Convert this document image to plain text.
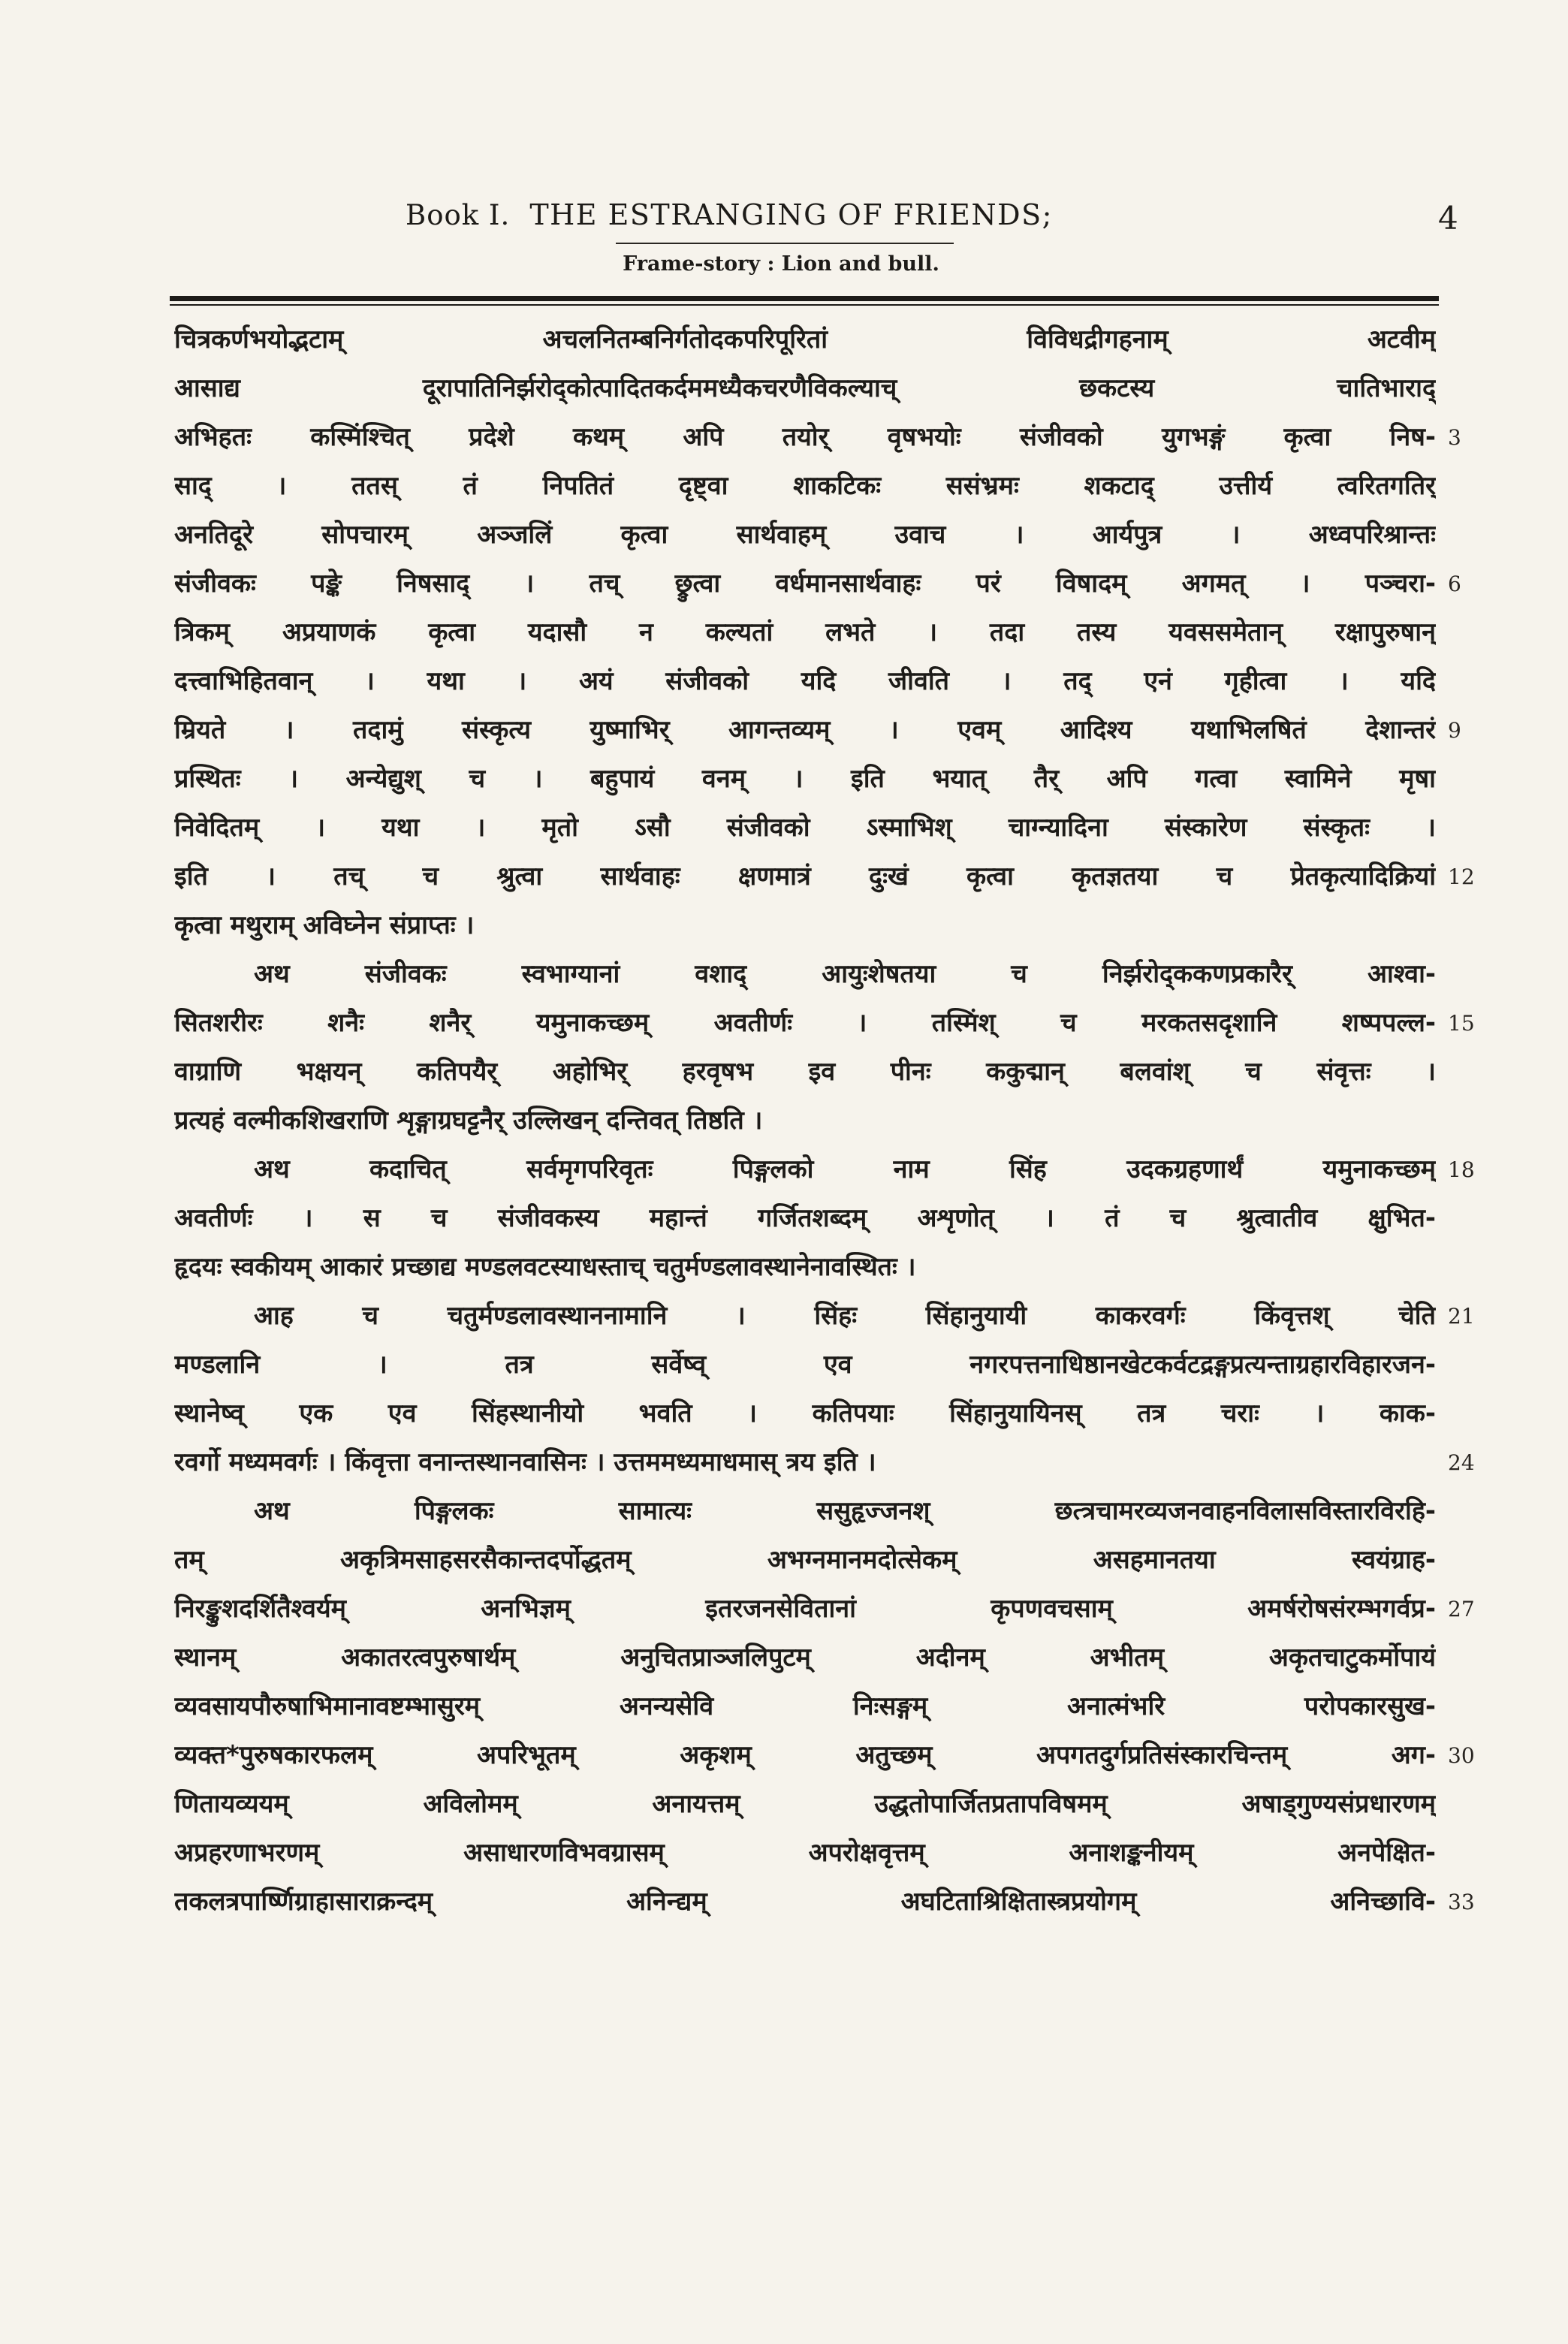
Book I. THE ESTRANGING OF FRIENDS;	4
Frame-story : Lion and bull.
चित्रकर्णभयोद्भटाम् अचलनितम्बनिर्गतोदकपरिपूरितां विविधद्रीगहनाम् अटवीम्
आसाद्य दूरापातिनिर्झरोद्कोत्पादितकर्दममध्यैकचरणैविकल्याच् छकटस्य चातिभाराद्
अभिहतः कस्मिंश्चित् प्रदेशे कथम् अपि तयोर् वृषभयोः संजीवको युगभङ्गं कृत्वा निष-
साद् । ततस् तं निपतितं दृष्ट्वा शाकटिकः ससंभ्रमः शकटाद् उत्तीर्य त्वरितगतिर्
अनतिदूरे सोपचारम् अञ्जलिं कृत्वा सार्थवाहम् उवाच । आर्यपुत्र । अध्वपरिश्रान्तः
संजीवकः पङ्के निषसाद् । तच् छ्रुत्वा वर्धमानसार्थवाहः परं विषादम् अगमत् । पञ्चरा-
त्रिकम् अप्रयाणकं कृत्वा यदासौ न कल्यतां लभते । तदा तस्य यवससमेतान् रक्षापुरुषान्
दत्त्वाभिहितवान् । यथा । अयं संजीवको यदि जीवति । तद् एनं गृहीत्वा । यदि
म्रियते । तदामुं संस्कृत्य युष्माभिर् आगन्तव्यम् । एवम् आदिश्य यथाभिलषितं देशान्तरं
प्रस्थितः । अन्येद्युश् च । बहुपायं वनम् । इति भयात् तैर् अपि गत्वा स्वामिने मृषा
निवेदितम् । यथा । मृतो ऽसौ संजीवको ऽस्माभिश् चाग्न्यादिना संस्कारेण संस्कृतः ।
इति । तच् च श्रुत्वा सार्थवाहः क्षणमात्रं दुःखं कृत्वा कृतज्ञतया च प्रेतकृत्यादिक्रियां
कृत्वा मथुराम् अविघ्नेन संप्राप्तः ।
अथ संजीवकः स्वभाग्यानां वशाद् आयुःशेषतया च निर्झरोद्ककणप्रकारैर् आश्वा-
सितशरीरः शनैः शनैर् यमुनाकच्छम् अवतीर्णः । तस्मिंश् च मरकतसदृशानि शष्पपल्ल-
वाग्राणि भक्षयन् कतिपयैर् अहोभिर् हरवृषभ इव पीनः ककुद्मान् बलवांश् च संवृत्तः ।
प्रत्यहं वल्मीकशिखराणि शृङ्गाग्रघट्टनैर् उल्लिखन् दन्तिवत् तिष्ठति ।
अथ कदाचित् सर्वमृगपरिवृतः पिङ्गलको नाम सिंह उदकग्रहणार्थं यमुनाकच्छम्
अवतीर्णः । स च संजीवकस्य महान्तं गर्जितशब्दम् अशृणोत् । तं च श्रुत्वातीव क्षुभित-
हृदयः स्वकीयम् आकारं प्रच्छाद्य मण्डलवटस्याधस्ताच् चतुर्मण्डलावस्थानेनावस्थितः ।
आह च चतुर्मण्डलावस्थाननामानि । सिंहः सिंहानुयायी काकरवर्गः किंवृत्तश् चेति
मण्डलानि । तत्र सर्वेष्व् एव नगरपत्तनाधिष्ठानखेटकर्वटद्रङ्गप्रत्यन्ताग्रहारविहारजन-
स्थानेष्व् एक एव सिंहस्थानीयो भवति । कतिपयाः सिंहानुयायिनस् तत्र चराः । काक-
रवर्गो मध्यमवर्गः । किंवृत्ता वनान्तस्थानवासिनः । उत्तममध्यमाधमास् त्रय इति ।
अथ पिङ्गलकः सामात्यः ससुहृज्जनश् छत्त्रचामरव्यजनवाहनविलासविस्तारविरहि-
तम् अकृत्रिमसाहसरसैकान्तदर्पोद्धतम् अभग्नमानमदोत्सेकम् असहमानतया स्वयंग्राह-
निरङ्कुशदर्शितैश्वर्यम् अनभिज्ञम् इतरजनसेवितानां कृपणवचसाम् अमर्षरोषसंरम्भगर्वप्र-
स्थानम् अकातरत्वपुरुषार्थम् अनुचितप्राञ्जलिपुटम् अदीनम् अभीतम् अकृतचाटुकर्मोपायं
व्यवसायपौरुषाभिमानावष्टम्भासुरम् अनन्यसेवि निःसङ्गम् अनात्मंभरि परोपकारसुख-
व्यक्त*पुरुषकारफलम् अपरिभूतम् अकृशम् अतुच्छम् अपगतदुर्गप्रतिसंस्कारचिन्तम् अग-
णितायव्ययम् अविलोमम् अनायत्तम् उद्धतोपार्जितप्रतापविषमम् अषाड्गुण्यसंप्रधारणम्
अप्रहरणाभरणम् असाधारणविभवग्रासम् अपरोक्षवृत्तम् अनाशङ्कनीयम् अनपेक्षित-
तकलत्रपार्ष्णिग्राहासाराक्रन्दम् अनिन्द्यम् अघटिताश्रिक्षितास्त्रप्रयोगम् अनिच्छावि-
3
6
9
12
15
18
21
24
27
30
33
